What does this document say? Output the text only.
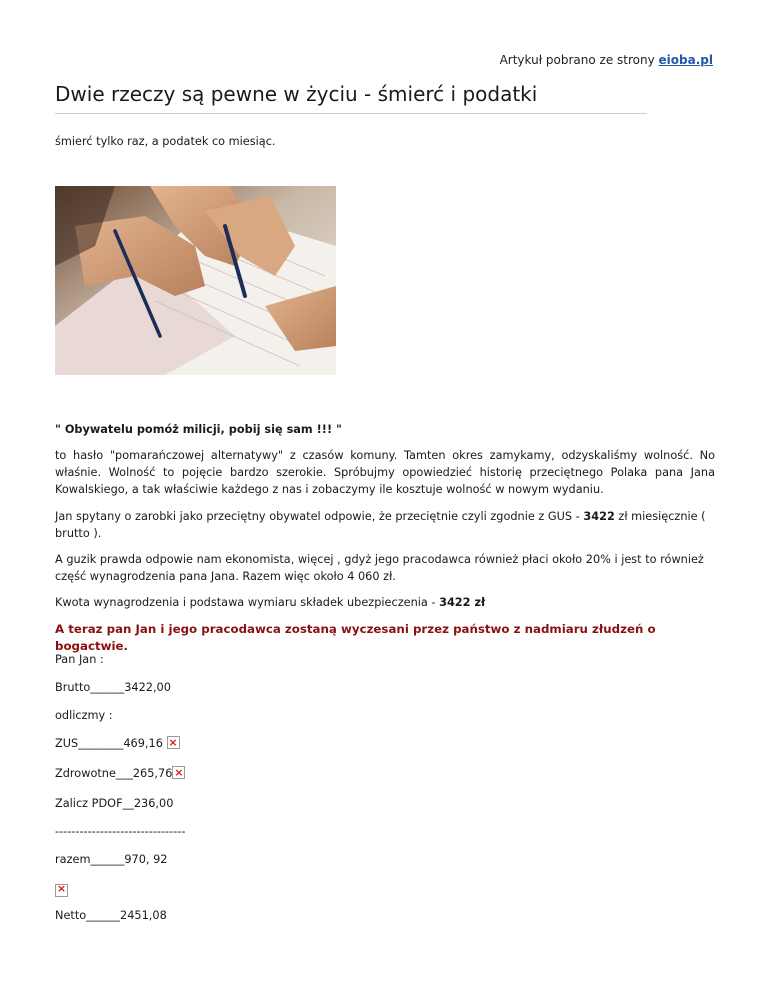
Artykuł pobrano ze strony eioba.pl
Dwie rzeczy są pewne w życiu - śmierć i podatki

śmierć tylko raz, a podatek co miesiąc.

" Obywatelu pomóż milicji, pobij się sam !!! "

to hasło "pomarańczowej alternatywy" z czasów komuny. Tamten okres zamykamy, odzyskaliśmy wolność. No właśnie. Wolność to pojęcie bardzo szerokie. Spróbujmy opowiedzieć historię przeciętnego Polaka pana Jana Kowalskiego, a tak właściwie każdego z nas i zobaczymy ile kosztuje wolność w nowym wydaniu.

Jan spytany o zarobki jako przeciętny obywatel odpowie, że przeciętnie czyli zgodnie z GUS - 3422 zł miesięcznie ( brutto ).

A guzik prawda odpowie nam ekonomista, więcej , gdyż jego pracodawca również płaci około 20% i jest to również część wynagrodzenia pana Jana. Razem więc około 4 060 zł.

Kwota wynagrodzenia i podstawa wymiaru składek ubezpieczenia - 3422 zł

A teraz pan Jan i jego pracodawca zostaną wyczesani przez państwo z nadmiaru złudzeń o bogactwie.

Pan Jan :

Brutto______3422,00

odliczmy :

ZUS________469,16 ×

Zdrowotne___265,76 ×

Zalicz PDOF__236,00

--------------------------------

razem______970, 92

×

Netto______2451,08
